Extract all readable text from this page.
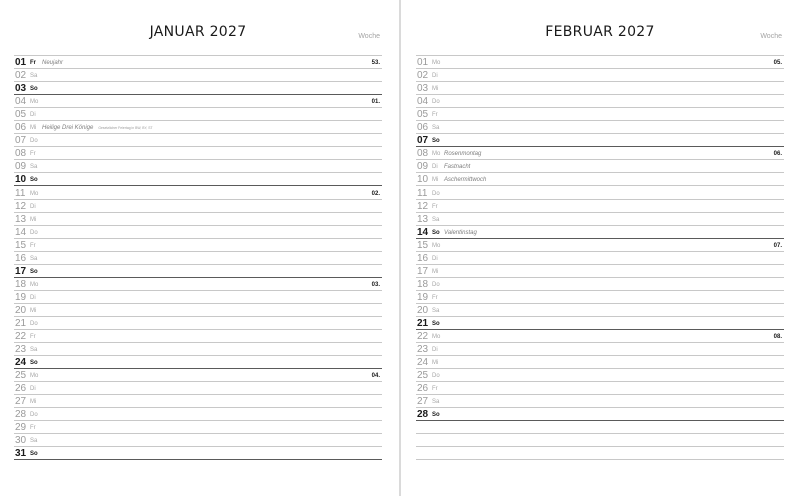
JANUAR 2027	Woche
01 Fr Neujahr	53.
02 Sa
03 So
04 Mo	01.
05 Di
06 Mi Heilige Drei Könige Gesetzlicher Feiertag in BW, BY, ST
07 Do
08 Fr
09 Sa
10 So
11 Mo	02.
12 Di
13 Mi
14 Do
15 Fr
16 Sa
17 So
18 Mo	03.
19 Di
20 Mi
21 Do
22 Fr
23 Sa
24 So
25 Mo	04.
26 Di
27 Mi
28 Do
29 Fr
30 Sa
31 So
FEBRUAR 2027	Woche
01 Mo	05.
02 Di
03 Mi
04 Do
05 Fr
06 Sa
07 So
08 Mo Rosenmontag	06.
09 Di Fastnacht
10 Mi Aschermittwoch
11 Do
12 Fr
13 Sa
14 So Valentinstag
15 Mo	07.
16 Di
17 Mi
18 Do
19 Fr
20 Sa
21 So
22 Mo	08.
23 Di
24 Mi
25 Do
26 Fr
27 Sa
28 So
